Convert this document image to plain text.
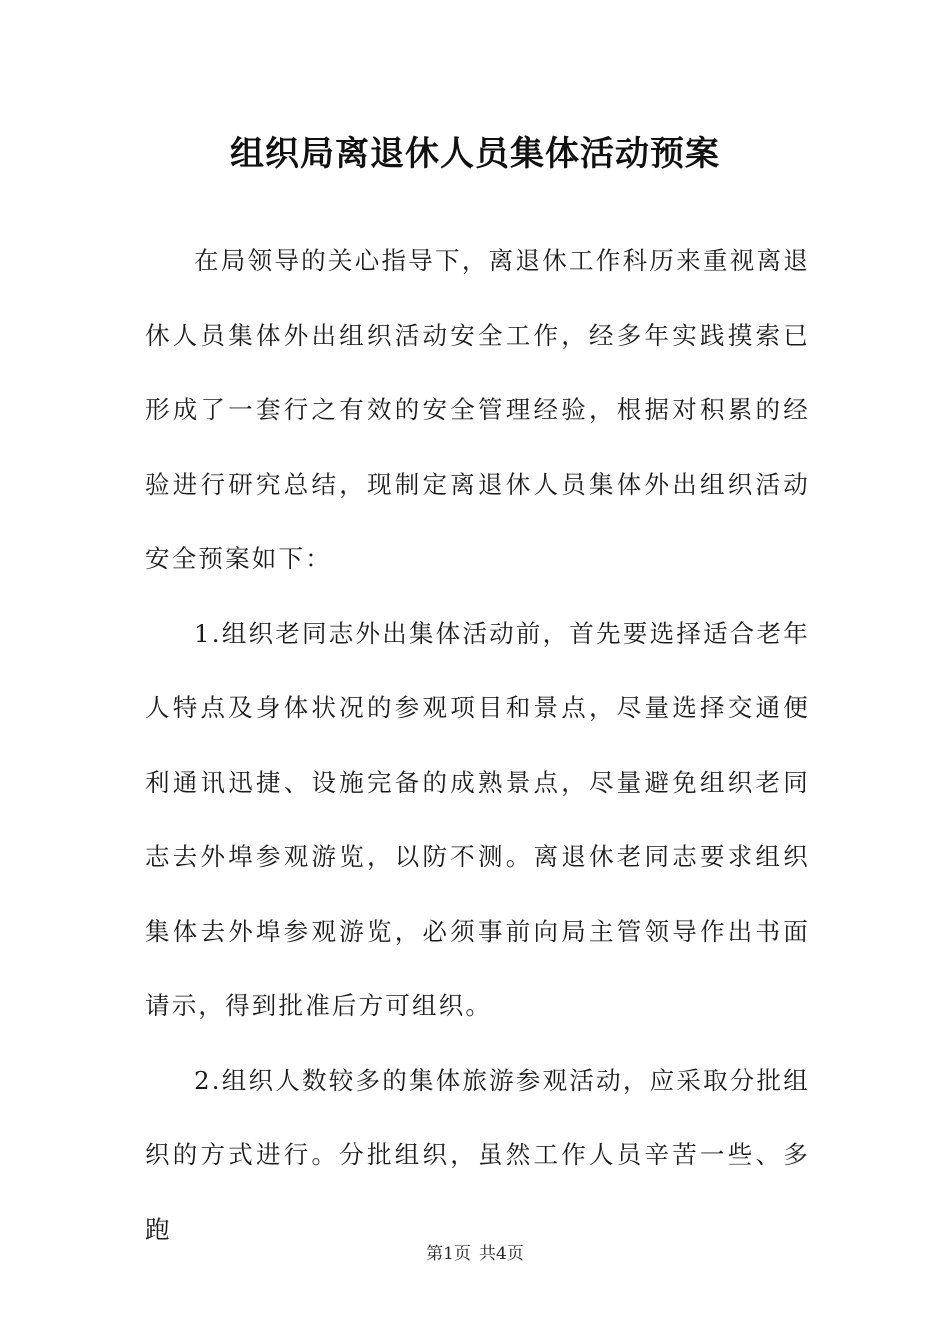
组织局离退休人员集体活动预案

在局领导的关心指导下，离退休工作科历来重视离退休人员集体外出组织活动安全工作，经多年实践摸索已形成了一套行之有效的安全管理经验，根据对积累的经验进行研究总结，现制定离退休人员集体外出组织活动安全预案如下：

1.组织老同志外出集体活动前，首先要选择适合老年人特点及身体状况的参观项目和景点，尽量选择交通便利通讯迅捷、设施完备的成熟景点，尽量避免组织老同志去外埠参观游览，以防不测。离退休老同志要求组织集体去外埠参观游览，必须事前向局主管领导作出书面请示，得到批准后方可组织。

2.组织人数较多的集体旅游参观活动，应采取分批组织的方式进行。分批组织，虽然工作人员辛苦一些、多跑

第1页 共4页
